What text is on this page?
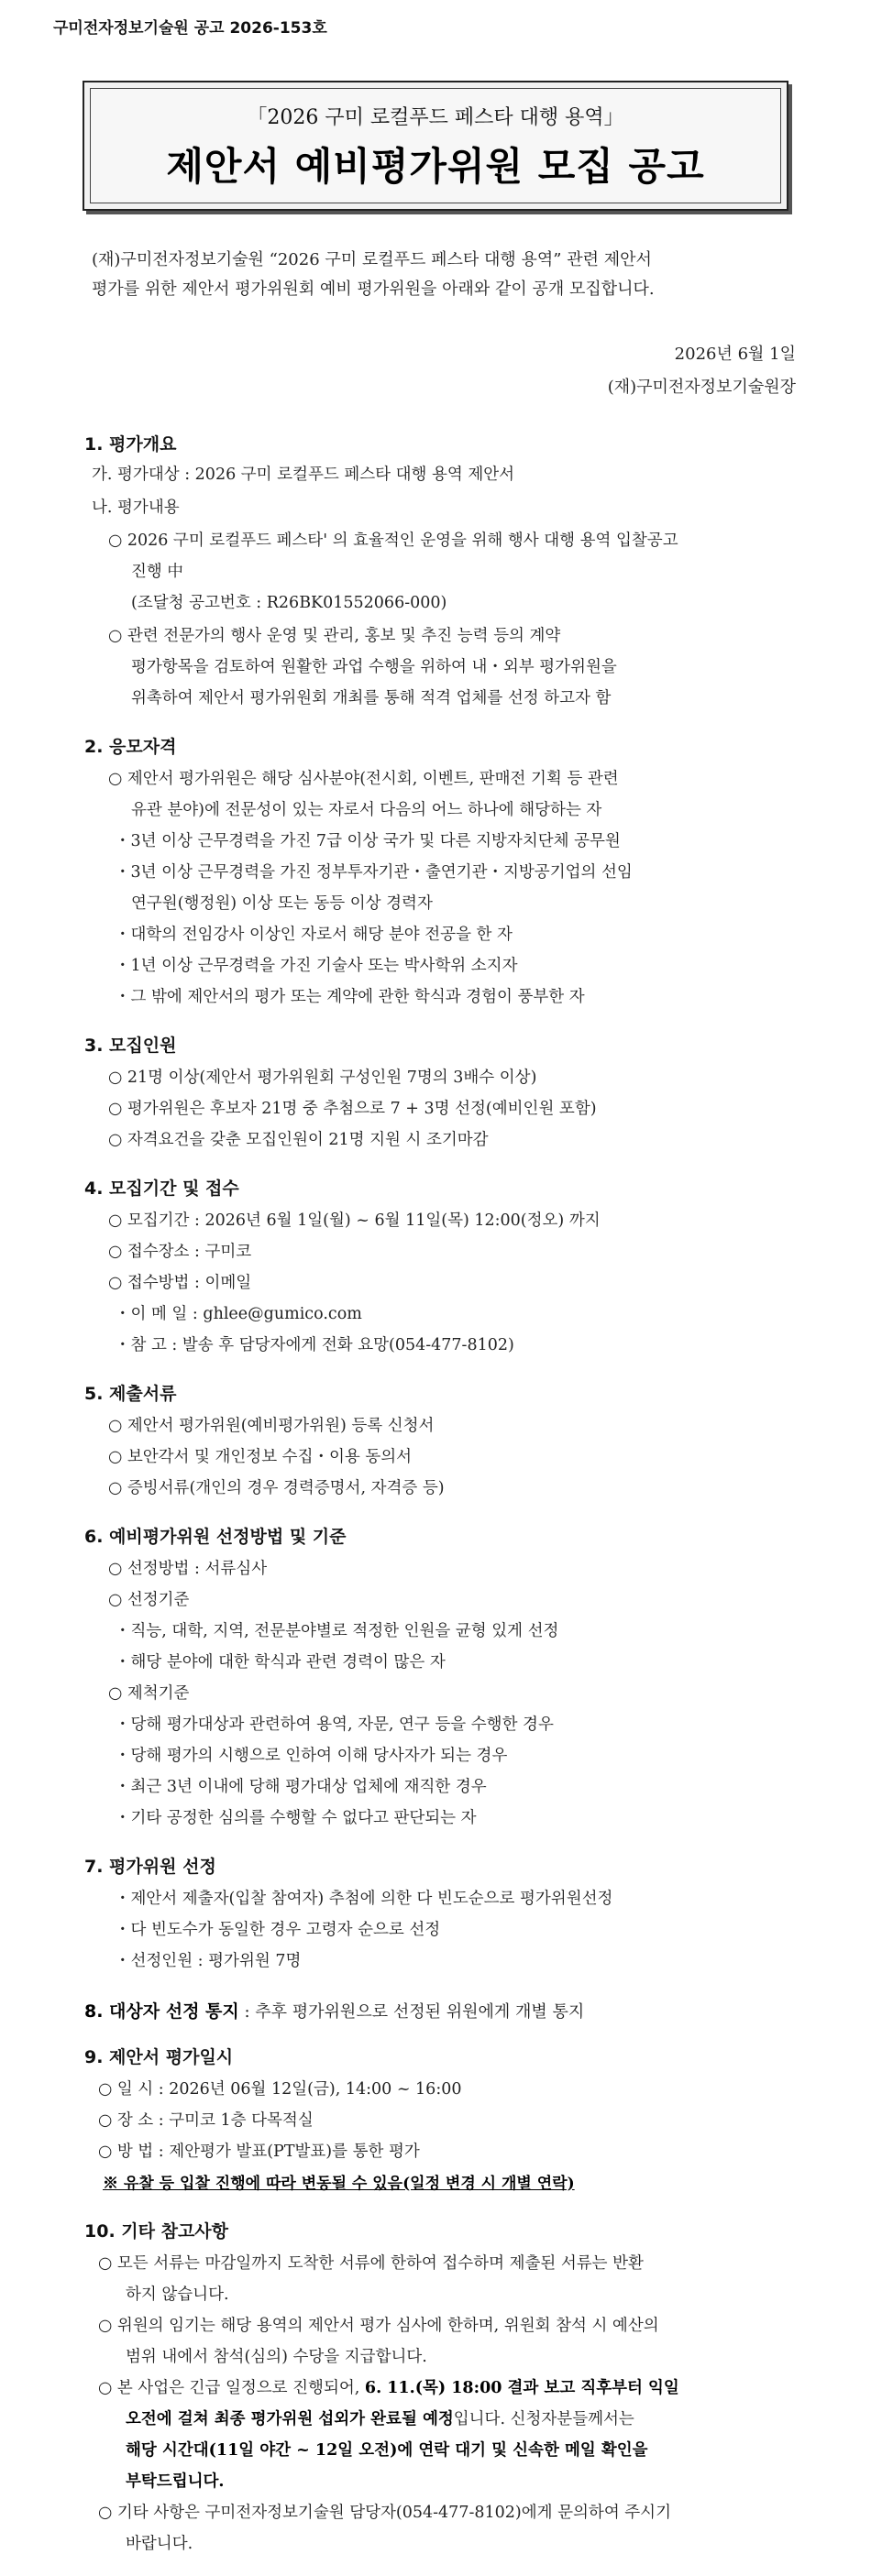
구미전자정보기술원 공고 2026-153호
｢2026 구미 로컬푸드 페스타 대행 용역｣
제안서 예비평가위원 모집 공고
(재)구미전자정보기술원 “2026 구미 로컬푸드 페스타 대행 용역” 관련 제안서
평가를 위한 제안서 평가위원회 예비 평가위원을 아래와 같이 공개 모집합니다.
2026년 6월 1일
(재)구미전자정보기술원장
1. 평가개요
가. 평가대상 : 2026 구미 로컬푸드 페스타 대행 용역 제안서
나. 평가내용
○ 2026 구미 로컬푸드 페스타' 의 효율적인 운영을 위해 행사 대행 용역 입찰공고
진행 中
(조달청 공고번호 : R26BK01552066-000)
○ 관련 전문가의 행사 운영 및 관리, 홍보 및 추진 능력 등의 계약
평가항목을 검토하여 원활한 과업 수행을 위하여 내・외부 평가위원을
위촉하여 제안서 평가위원회 개최를 통해 적격 업체를 선정 하고자 함
2. 응모자격
○ 제안서 평가위원은 해당 심사분야(전시회, 이벤트, 판매전 기획 등 관련
유관 분야)에 전문성이 있는 자로서 다음의 어느 하나에 해당하는 자
・3년 이상 근무경력을 가진 7급 이상 국가 및 다른 지방자치단체 공무원
・3년 이상 근무경력을 가진 정부투자기관・출연기관・지방공기업의 선임
연구원(행정원) 이상 또는 동등 이상 경력자
・대학의 전임강사 이상인 자로서 해당 분야 전공을 한 자
・1년 이상 근무경력을 가진 기술사 또는 박사학위 소지자
・그 밖에 제안서의 평가 또는 계약에 관한 학식과 경험이 풍부한 자
3. 모집인원
○ 21명 이상(제안서 평가위원회 구성인원 7명의 3배수 이상)
○ 평가위원은 후보자 21명 중 추첨으로 7 + 3명 선정(예비인원 포함)
○ 자격요건을 갖춘 모집인원이 21명 지원 시 조기마감
4. 모집기간 및 접수
○ 모집기간 : 2026년 6월 1일(월) ~ 6월 11일(목) 12:00(정오) 까지
○ 접수장소 : 구미코
○ 접수방법 : 이메일
・이 메 일 : ghlee@gumico.com
・참 고 : 발송 후 담당자에게 전화 요망(054-477-8102)
5. 제출서류
○ 제안서 평가위원(예비평가위원) 등록 신청서
○ 보안각서 및 개인정보 수집・이용 동의서
○ 증빙서류(개인의 경우 경력증명서, 자격증 등)
6. 예비평가위원 선정방법 및 기준
○ 선정방법 : 서류심사
○ 선정기준
・직능, 대학, 지역, 전문분야별로 적정한 인원을 균형 있게 선정
・해당 분야에 대한 학식과 관련 경력이 많은 자
○ 제척기준
・당해 평가대상과 관련하여 용역, 자문, 연구 등을 수행한 경우
・당해 평가의 시행으로 인하여 이해 당사자가 되는 경우
・최근 3년 이내에 당해 평가대상 업체에 재직한 경우
・기타 공정한 심의를 수행할 수 없다고 판단되는 자
7. 평가위원 선정
・제안서 제출자(입찰 참여자) 추첨에 의한 다 빈도순으로 평가위원선정
・다 빈도수가 동일한 경우 고령자 순으로 선정
・선정인원 : 평가위원 7명
8. 대상자 선정 통지 : 추후 평가위원으로 선정된 위원에게 개별 통지
9. 제안서 평가일시
○ 일 시 : 2026년 06월 12일(금), 14:00 ~ 16:00
○ 장 소 : 구미코 1층 다목적실
○ 방 법 : 제안평가 발표(PT발표)를 통한 평가
※ 유찰 등 입찰 진행에 따라 변동될 수 있음(일정 변경 시 개별 연락)
10. 기타 참고사항
○ 모든 서류는 마감일까지 도착한 서류에 한하여 접수하며 제출된 서류는 반환
하지 않습니다.
○ 위원의 임기는 해당 용역의 제안서 평가 심사에 한하며, 위원회 참석 시 예산의
범위 내에서 참석(심의) 수당을 지급합니다.
○ 본 사업은 긴급 일정으로 진행되어, 6. 11.(목) 18:00 결과 보고 직후부터 익일
오전에 걸쳐 최종 평가위원 섭외가 완료될 예정입니다. 신청자분들께서는
해당 시간대(11일 야간 ~ 12일 오전)에 연락 대기 및 신속한 메일 확인을
부탁드립니다.
○ 기타 사항은 구미전자정보기술원 담당자(054-477-8102)에게 문의하여 주시기
바랍니다.
